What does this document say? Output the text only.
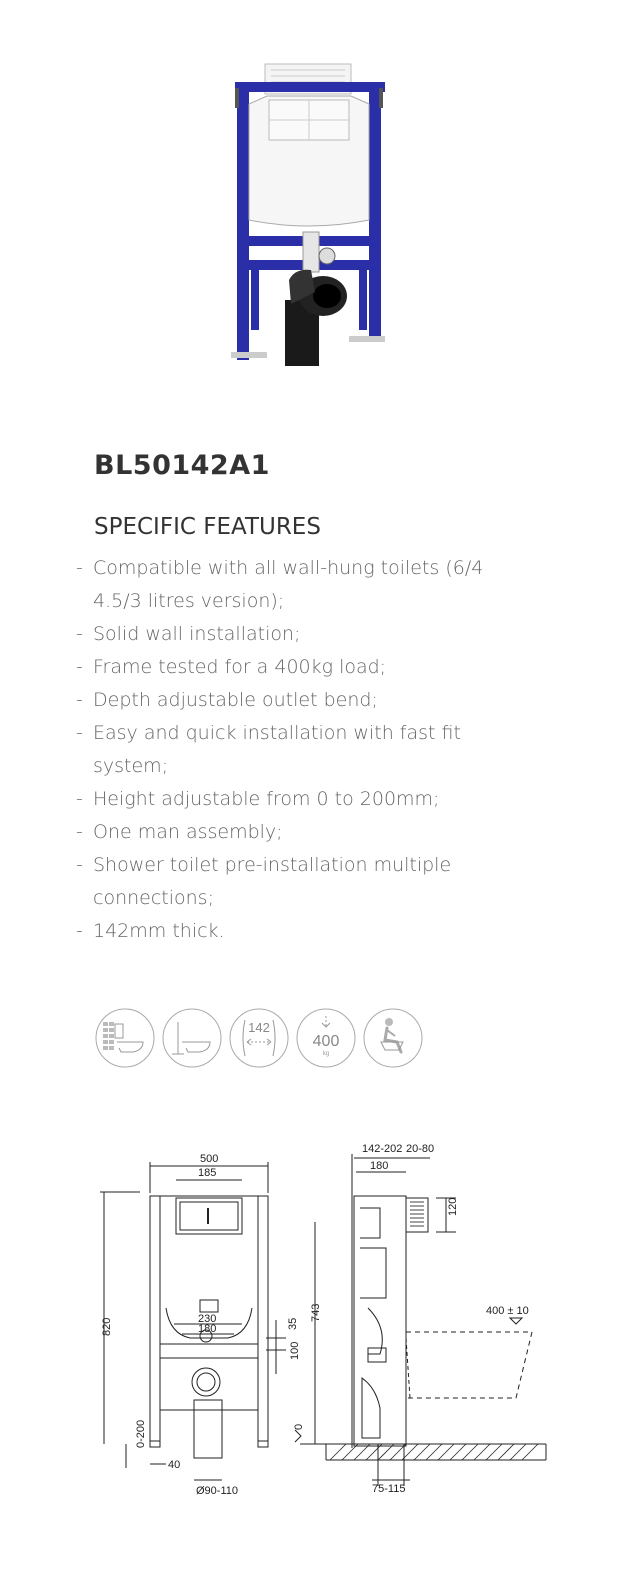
BL50142A1
SPECIFIC FEATURES
- Compatible with all wall-hung toilets (6/4 4.5/3 litres version);
- Solid wall installation;
- Frame tested for a 400kg load;
- Depth adjustable outlet bend;
- Easy and quick installation with fast fit system;
- Height adjustable from 0 to 200mm;
- One man assembly;
- Shower toilet pre-installation multiple connections;
- 142mm thick.
142
400
kg
500
185
820
0-200
40
Ø90-110
230
180	35
100
743
0
142-202 20-80
180
120
400 ± 10
75-115
